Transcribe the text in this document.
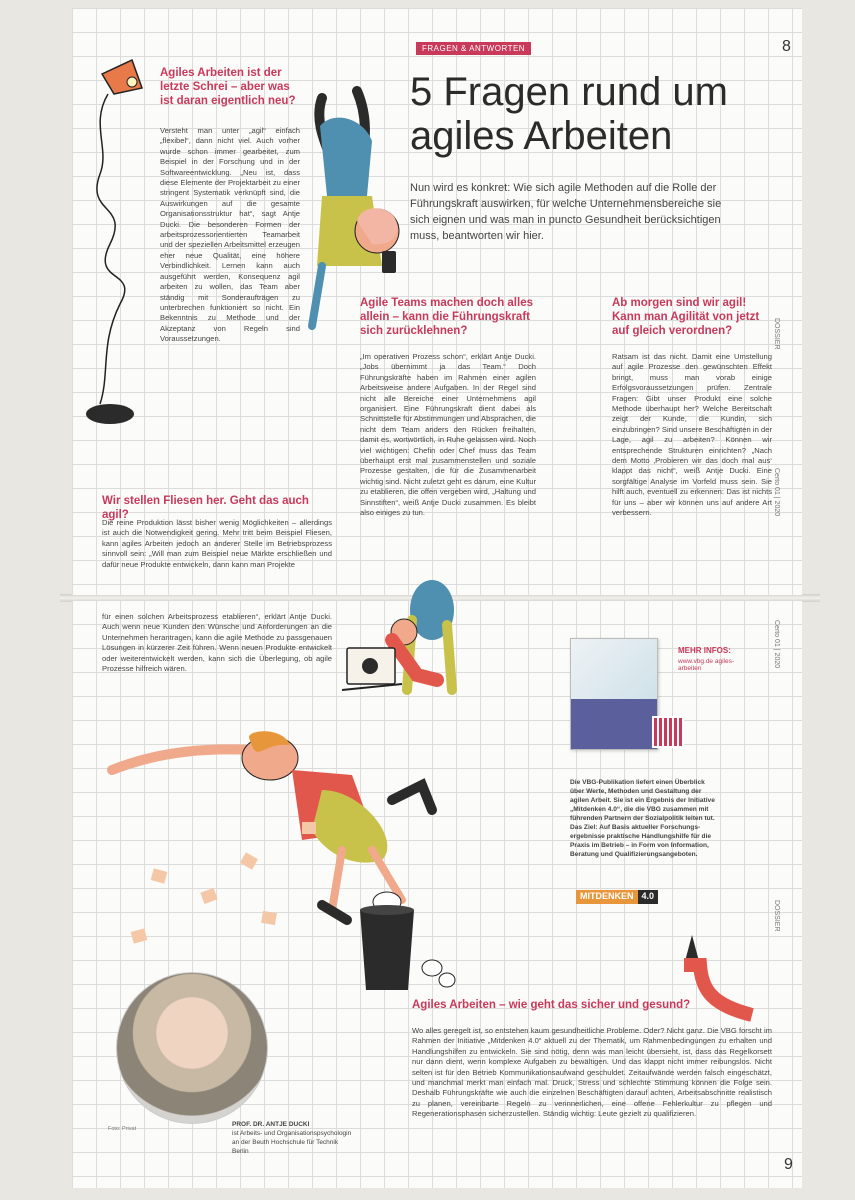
Agiles Arbeiten ist der letzte Schrei – aber was ist daran eigentlich neu?
Versteht man unter „agil“ einfach „flexibel“, dann nicht viel. Auch vorher wurde schon immer gearbeitet, zum Beispiel in der Forschung und in der Softwareentwicklung. „Neu ist, dass diese Elemente der Projektarbeit zu einer stringent Systematik verknüpft sind, die Auswirkungen auf die gesamte Organisationsstruktur hat“, sagt Antje Ducki. Die besonderen Formen der arbeitsprozessorientierten Teamarbeit und der speziellen Arbeitsmittel erzeugen eher neue Qualität, eine höhere Verbindlichkeit. Lernen kann auch ausgeführt werden, Konsequenz agil arbeiten zu wollen, das Team aber ständig mit Sonderaufträgen zu unterbrechen funktioniert so nicht. Ein Bekenntnis zu Methode und der Akzeptanz von Regeln sind Voraussetzungen.
FRAGEN & ANTWORTEN
5 Fragen rund um
agiles Arbeiten
Nun wird es konkret: Wie sich agile Methoden auf die Rolle der Führungskraft auswirken, für welche Unternehmensbereiche sie sich eignen und was man in puncto Gesundheit berücksichtigen muss, beantworten wir hier.
Agile Teams machen doch alles allein – kann die Führungskraft sich zurücklehnen?
„Im operativen Prozess schon“, erklärt Antje Ducki. „Jobs übernimmt ja das Team.“ Doch Führungskräfte haben im Rahmen einer agilen Arbeitsweise andere Aufgaben. In der Regel sind nicht alle Bereiche einer Unternehmens agil organisiert. Eine Führungskraft dient dabei als Schnittstelle für Abstimmungen und Absprachen, die nicht dem Team anders den Rücken freihalten, damit es, wortwörtlich, in Ruhe gelassen wird. Noch viel wichtigen: Chefin oder Chef muss das Team überhaupt erst mal zusammenstellen und soziale Prozesse gestalten, die für die Zusammenarbeit wichtig sind. Nicht zuletzt geht es darum, eine Kultur zu etablieren, die offen vergeben wird, „Haltung und Sinnstiften“, weiß Antje Ducki zusammen. Es bleibt also einiges zu tun.
Ab morgen sind wir agil! Kann man Agilität von jetzt auf gleich verordnen?
Ratsam ist das nicht. Damit eine Umstellung auf agile Prozesse den gewünschten Effekt bringt, muss man vorab einige Erfolgsvoraussetzungen prüfen. Zentrale Fragen: Gibt unser Produkt eine solche Methode überhaupt her? Welche Bereitschaft zeigt der Kunde, die Kundin, sich einzubringen? Sind unsere Beschäftigten in der Lage, agil zu arbeiten? Können wir entsprechende Strukturen einrichten? „Nach dem Motto ‚Probieren wir das doch mal aus‘ klappt das nicht“, weiß Antje Ducki. Eine sorgfältige Analyse im Vorfeld muss sein. Sie hilft auch, eventuell zu erkennen: Das ist nichts für uns – aber wir können uns auf andere Art verbessern.
Wir stellen Fliesen her. Geht das auch agil?
Die reine Produktion lässt bisher wenig Möglichkeiten – allerdings ist auch die Notwendigkeit gering. Mehr tritt beim Beispiel Fliesen, kann agiles Arbeiten jedoch an anderer Stelle im Betriebsprozess sinnvoll sein: „Will man zum Beispiel neue Märkte erschließen und dafür neue Produkte entwickeln, dann kann man Projekte
8
DOSSIER
Certo 01 | 2020
für einen solchen Arbeitsprozess etablieren“, erklärt Antje Ducki. Auch wenn neue Kunden den Wünsche und Anforderungen an die Unternehmen herantragen, kann die agile Methode zu passgenauen Lösungen in kürzerer Zeit führen. Wenn neuen Produkte entwickelt oder weiterentwickelt werden, kann sich die Überlegung, ob agile Prozesse hilfreich wären.
MEHR INFOS:
www.vbg.de agiles-arbeiten
Die VBG-Publikation liefert einen Überblick über Werte, Methoden und Gestaltung der agilen Arbeit. Sie ist ein Ergebnis der Initiative „Mitdenken 4.0“, die die VBG zusammen mit führenden Partnern der Sozialpolitik leiten tut. Das Ziel: Auf Basis aktueller Forschungsergebnisse praktische Handlungshilfe für die Praxis im Betrieb – in Form von Information, Beratung und Qualifizierungsangeboten.
MITDENKEN 4.0
Foto: Privat
PROF. DR. ANTJE DUCKI
ist Arbeits- und Organisationspsychologin an der Beuth Hochschule für Technik Berlin
Agiles Arbeiten – wie geht das sicher und gesund?
Wo alles geregelt ist, so entstehen kaum gesundheitliche Probleme. Oder? Nicht ganz. Die VBG forscht im Rahmen der Initiative „Mitdenken 4.0“ aktuell zu der Thematik, um Rahmenbedingungen zu erhalten und Handlungshilfen zu entwickeln. Sie sind nötig, denn was man leicht übersieht, ist, dass das Regelkorsett nur dann dient, wenn komplexe Aufgaben zu bewältigen. Und das klappt nicht immer reibungslos. Nicht selten ist für den Betrieb Kommunikationsaufwand geschuldet. Zeitaufwände werden falsch eingeschätzt, und manchmal merkt man einfach mal. Druck, Stress und schlechte Stimmung können die Folge sein. Deshalb Führungskräfte wie auch die einzelnen Beschäftigten darauf achten, Arbeitsabschnitte realistisch zu planen, vereinbarte Regeln zu verinnerlichen, eine offene Fehlerkultur zu pflegen und Regenerationsphasen sicherzustellen. Ständig wichtig: Leute gezielt zu qualifizieren.
Certo 01 | 2020
DOSSIER
9
